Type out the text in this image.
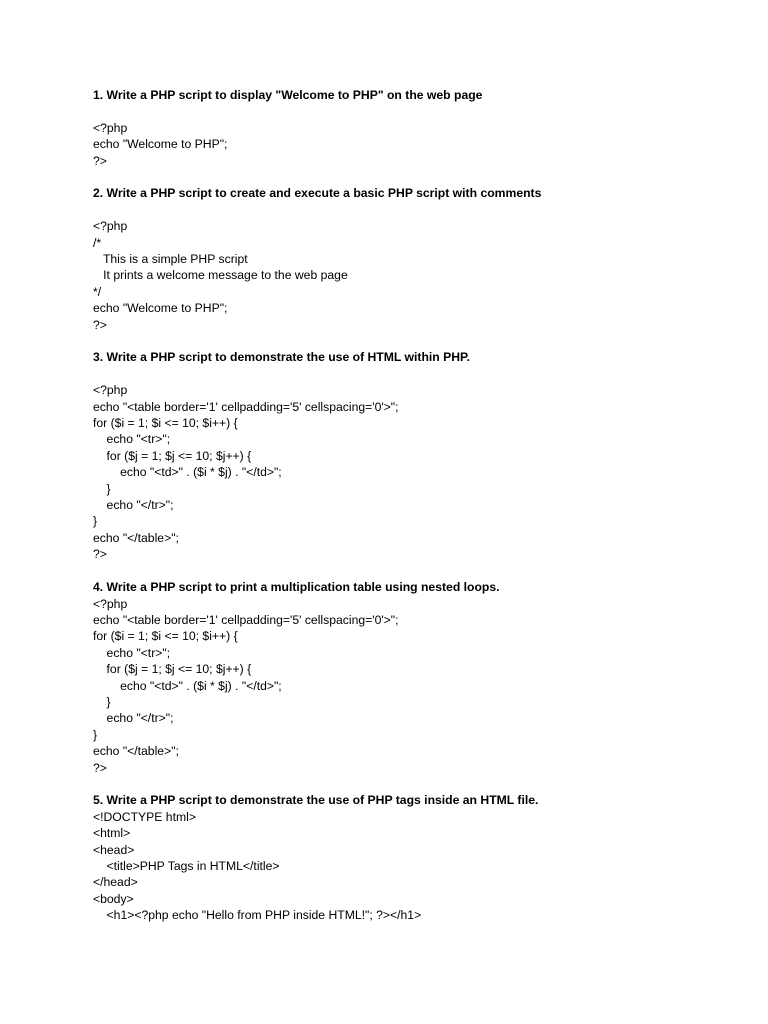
1. Write a PHP script to display "Welcome to PHP" on the web page

<?php
echo "Welcome to PHP";
?>

2. Write a PHP script to create and execute a basic PHP script with comments

<?php
/*
This is a simple PHP script
It prints a welcome message to the web page
*/
echo "Welcome to PHP";
?>

3. Write a PHP script to demonstrate the use of HTML within PHP.

<?php
echo "<table border='1' cellpadding='5' cellspacing='0'>";
for ($i = 1; $i <= 10; $i++) {
echo "<tr>";
for ($j = 1; $j <= 10; $j++) {
echo "<td>" . ($i * $j) . "</td>";
}
echo "</tr>";
}
echo "</table>";
?>

4. Write a PHP script to print a multiplication table using nested loops.

<?php
echo "<table border='1' cellpadding='5' cellspacing='0'>";
for ($i = 1; $i <= 10; $i++) {
echo "<tr>";
for ($j = 1; $j <= 10; $j++) {
echo "<td>" . ($i * $j) . "</td>";
}
echo "</tr>";
}
echo "</table>";
?>

5. Write a PHP script to demonstrate the use of PHP tags inside an HTML file.

<!DOCTYPE html>
<html>
<head>
<title>PHP Tags in HTML</title>
</head>
<body>
<h1><?php echo "Hello from PHP inside HTML!"; ?></h1>
